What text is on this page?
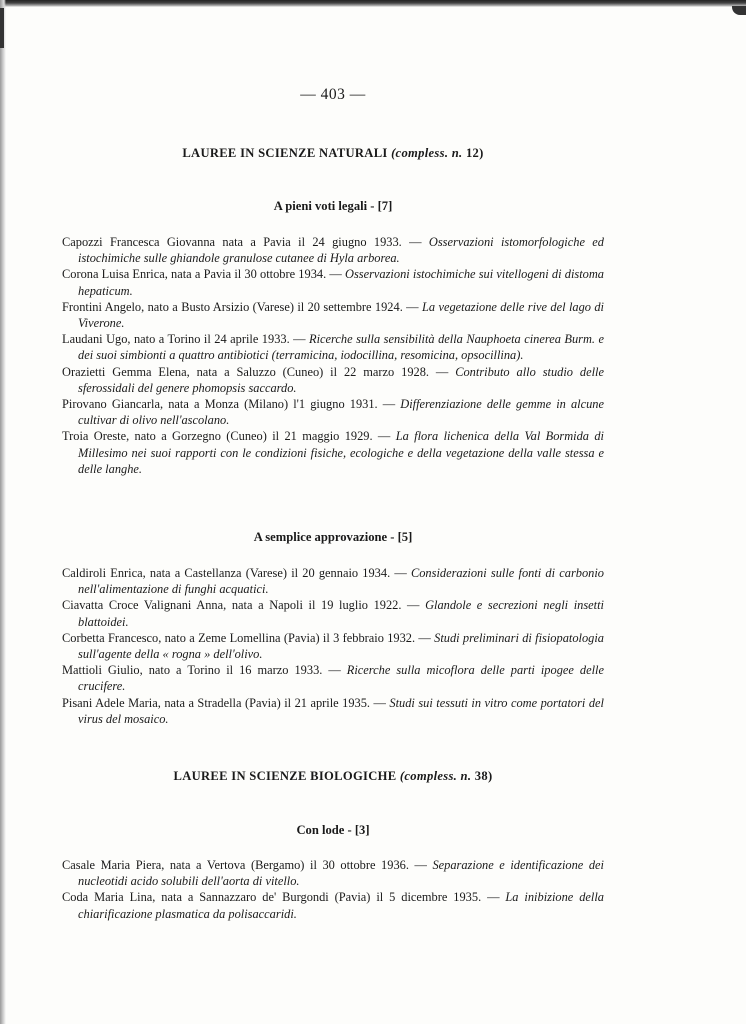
— 403 —
LAUREE IN SCIENZE NATURALI (compless. n. 12)
A pieni voti legali - [7]

Capozzi Francesca Giovanna nata a Pavia il 24 giugno 1933. — Osservazioni istomorfologiche ed istochimiche sulle ghiandole granulose cutanee di Hyla arborea.

Corona Luisa Enrica, nata a Pavia il 30 ottobre 1934. — Osservazioni istochimiche sui vitellogeni di distoma hepaticum.

Frontini Angelo, nato a Busto Arsizio (Varese) il 20 settembre 1924. — La vegetazione delle rive del lago di Viverone.

Laudani Ugo, nato a Torino il 24 aprile 1933. — Ricerche sulla sensibilità della Nauphoeta cinerea Burm. e dei suoi simbionti a quattro antibiotici (terramicina, iodocillina, resomicina, opsocillina).

Orazietti Gemma Elena, nata a Saluzzo (Cuneo) il 22 marzo 1928. — Contributo allo studio delle sferossidali del genere phomopsis saccardo.

Pirovano Giancarla, nata a Monza (Milano) l'1 giugno 1931. — Differenziazione delle gemme in alcune cultivar di olivo nell'ascolano.

Troia Oreste, nato a Gorzegno (Cuneo) il 21 maggio 1929. — La flora lichenica della Val Bormida di Millesimo nei suoi rapporti con le condizioni fisiche, ecologiche e della vegetazione della valle stessa e delle langhe.

A semplice approvazione - [5]

Caldiroli Enrica, nata a Castellanza (Varese) il 20 gennaio 1934. — Considerazioni sulle fonti di carbonio nell'alimentazione di funghi acquatici.

Ciavatta Croce Valignani Anna, nata a Napoli il 19 luglio 1922. — Glandole e secrezioni negli insetti blattoidei.

Corbetta Francesco, nato a Zeme Lomellina (Pavia) il 3 febbraio 1932. — Studi preliminari di fisiopatologia sull'agente della « rogna » dell'olivo.

Mattioli Giulio, nato a Torino il 16 marzo 1933. — Ricerche sulla micoflora delle parti ipogee delle crucifere.

Pisani Adele Maria, nata a Stradella (Pavia) il 21 aprile 1935. — Studi sui tessuti in vitro come portatori del virus del mosaico.

LAUREE IN SCIENZE BIOLOGICHE (compless. n. 38)
Con lode - [3]

Casale Maria Piera, nata a Vertova (Bergamo) il 30 ottobre 1936. — Separazione e identificazione dei nucleotidi acido solubili dell'aorta di vitello.

Coda Maria Lina, nata a Sannazzaro de' Burgondi (Pavia) il 5 dicembre 1935. — La inibizione della chiarificazione plasmatica da polisaccaridi.
